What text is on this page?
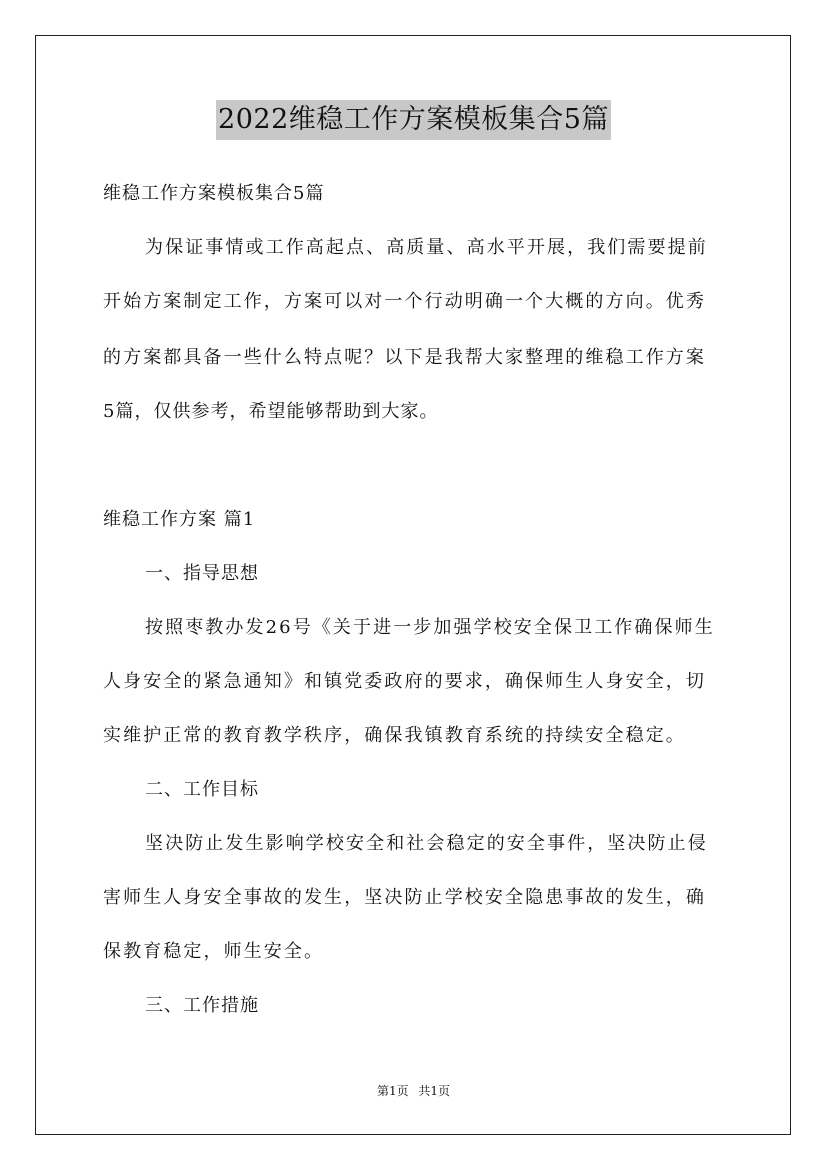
2022维稳工作方案模板集合5篇

维稳工作方案模板集合5篇

为保证事情或工作高起点、高质量、高水平开展，我们需要提前

开始方案制定工作，方案可以对一个行动明确一个大概的方向。优秀

的方案都具备一些什么特点呢？以下是我帮大家整理的维稳工作方案

5篇，仅供参考，希望能够帮助到大家。

维稳工作方案 篇1

一、指导思想

按照枣教办发26号《关于进一步加强学校安全保卫工作确保师生

人身安全的紧急通知》和镇党委政府的要求，确保师生人身安全，切

实维护正常的教育教学秩序，确保我镇教育系统的持续安全稳定。

二、工作目标

坚决防止发生影响学校安全和社会稳定的安全事件，坚决防止侵

害师生人身安全事故的发生，坚决防止学校安全隐患事故的发生，确

保教育稳定，师生安全。

三、工作措施

第1页 共1页
